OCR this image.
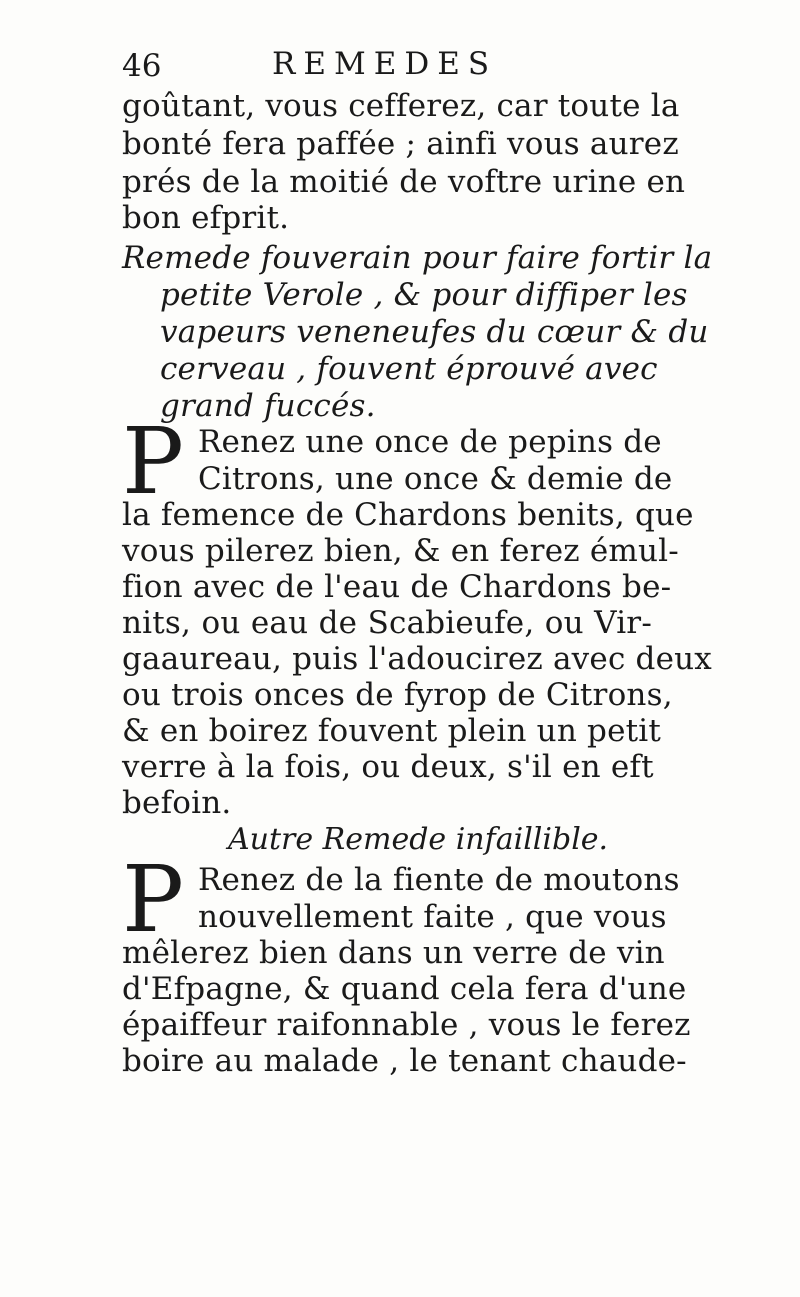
46	REMEDES
goûtant, vous cefferez, car toute la
bonté fera paffée ; ainfi vous aurez
prés de la moitié de voftre urine en
bon efprit.
Remede fouverain pour faire fortir la
petite Verole , & pour diffiper les
vapeurs veneneufes du cœur & du
cerveau , fouvent éprouvé avec
grand fuccés.
P Renez une once de pepins de
Citrons, une once & demie de
la femence de Chardons benits, que
vous pilerez bien, & en ferez émul-
fion avec de l'eau de Chardons be-
nits, ou eau de Scabieufe, ou Vir-
gaaureau, puis l'adoucirez avec deux
ou trois onces de fyrop de Citrons,
& en boirez fouvent plein un petit
verre à la fois, ou deux, s'il en eft
befoin.
Autre Remede infaillible.
P Renez de la fiente de moutons
nouvellement faite , que vous
mêlerez bien dans un verre de vin
d'Efpagne, & quand cela fera d'une
épaiffeur raifonnable , vous le ferez
boire au malade , le tenant chaude-
